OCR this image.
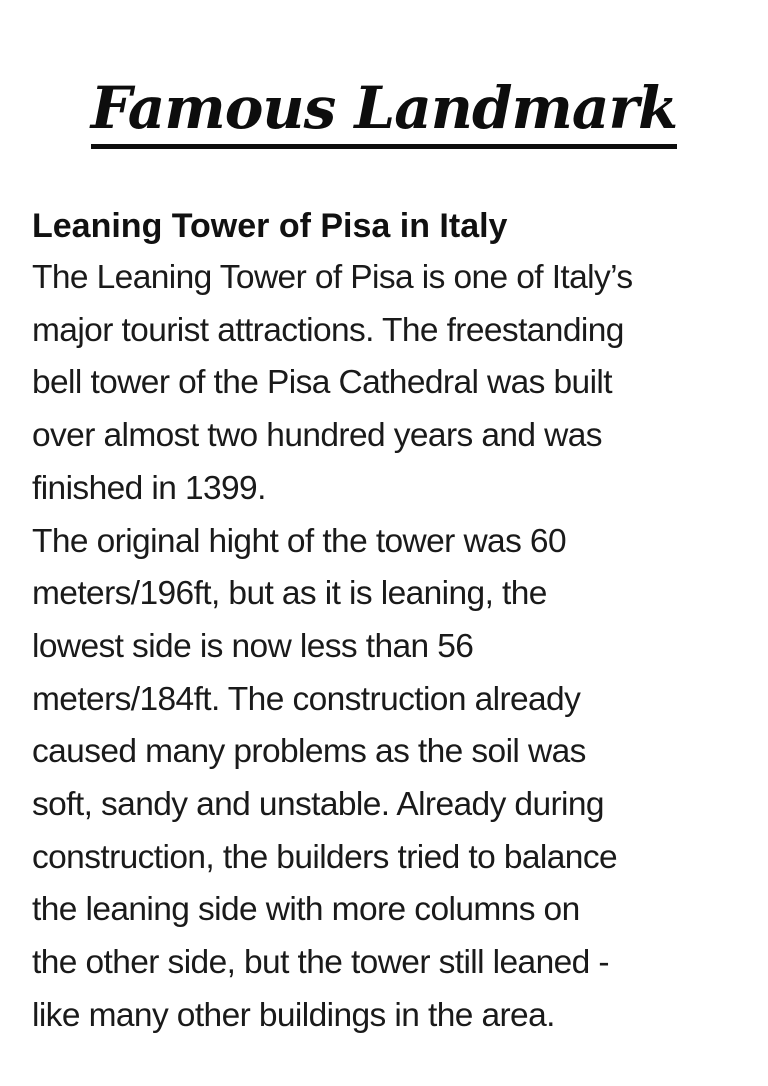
Famous Landmark
Leaning Tower of Pisa in Italy

The Leaning Tower of Pisa is one of Italy’s
major tourist attractions. The freestanding
bell tower of the Pisa Cathedral was built
over almost two hundred years and was
finished in 1399.

The original hight of the tower was 60
meters/196ft, but as it is leaning, the
lowest side is now less than 56
meters/184ft. The construction already
caused many problems as the soil was
soft, sandy and unstable. Already during
construction, the builders tried to balance
the leaning side with more columns on
the other side, but the tower still leaned -
like many other buildings in the area.
